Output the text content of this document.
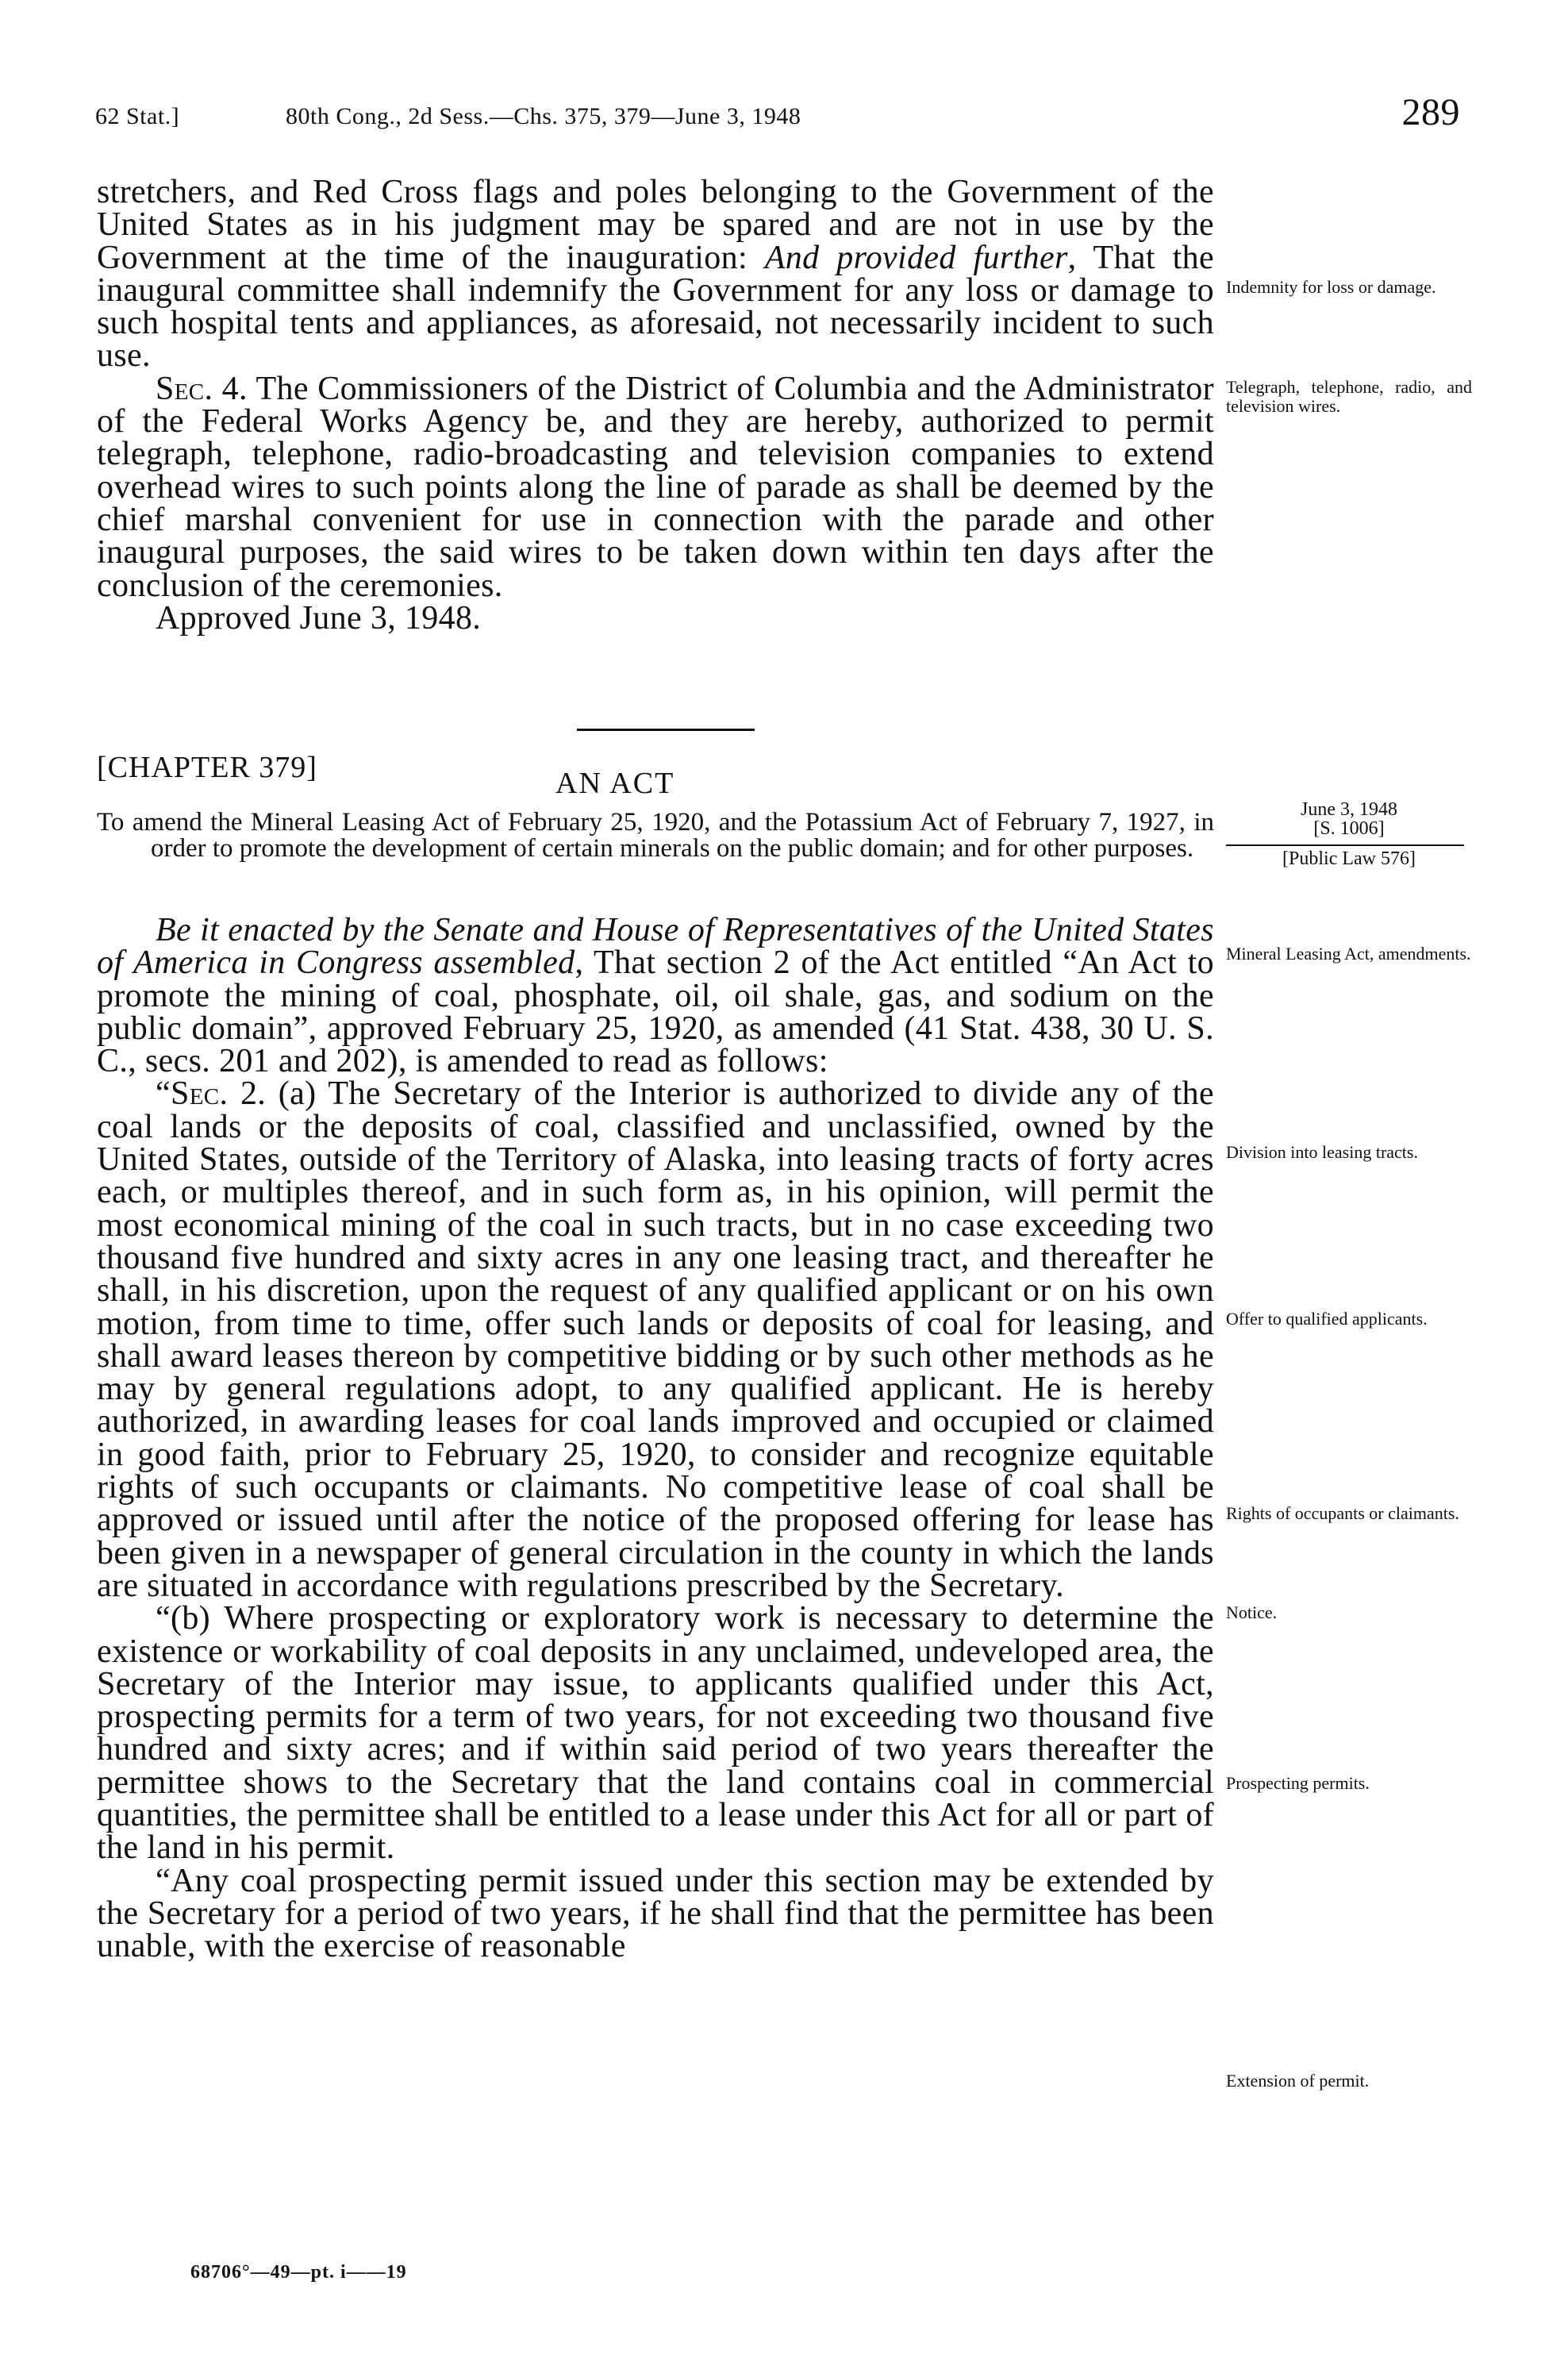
62 Stat.]	80th Cong., 2d Sess.—Chs. 375, 379—June 3, 1948	289

stretchers, and Red Cross flags and poles belonging to the Government of the United States as in his judgment may be spared and are not in use by the Government at the time of the inauguration: And provided further, That the inaugural committee shall indemnify the Government for any loss or damage to such hospital tents and appliances, as aforesaid, not necessarily incident to such use.

Sec. 4. The Commissioners of the District of Columbia and the Administrator of the Federal Works Agency be, and they are hereby, authorized to permit telegraph, telephone, radio-broadcasting and television companies to extend overhead wires to such points along the line of parade as shall be deemed by the chief marshal convenient for use in connection with the parade and other inaugural purposes, the said wires to be taken down within ten days after the conclusion of the ceremonies.

Approved June 3, 1948.

Indemnity for loss or damage.
Telegraph, telephone, radio, and television wires.
[CHAPTER 379]	AN ACT

To amend the Mineral Leasing Act of February 25, 1920, and the Potassium Act of February 7, 1927, in order to promote the development of certain minerals on the public domain; and for other purposes.

June 3, 1948
[S. 1006]
[Public Law 576]

Be it enacted by the Senate and House of Representatives of the United States of America in Congress assembled, That section 2 of the Act entitled “An Act to promote the mining of coal, phosphate, oil, oil shale, gas, and sodium on the public domain”, approved February 25, 1920, as amended (41 Stat. 438, 30 U. S. C., secs. 201 and 202), is amended to read as follows:

“Sec. 2. (a) The Secretary of the Interior is authorized to divide any of the coal lands or the deposits of coal, classified and unclassified, owned by the United States, outside of the Territory of Alaska, into leasing tracts of forty acres each, or multiples thereof, and in such form as, in his opinion, will permit the most economical mining of the coal in such tracts, but in no case exceeding two thousand five hundred and sixty acres in any one leasing tract, and thereafter he shall, in his discretion, upon the request of any qualified applicant or on his own motion, from time to time, offer such lands or deposits of coal for leasing, and shall award leases thereon by competitive bidding or by such other methods as he may by general regulations adopt, to any qualified applicant. He is hereby authorized, in awarding leases for coal lands improved and occupied or claimed in good faith, prior to February 25, 1920, to consider and recognize equitable rights of such occupants or claimants. No competitive lease of coal shall be approved or issued until after the notice of the proposed offering for lease has been given in a newspaper of general circulation in the county in which the lands are situated in accordance with regulations prescribed by the Secretary.

“(b) Where prospecting or exploratory work is necessary to determine the existence or workability of coal deposits in any unclaimed, undeveloped area, the Secretary of the Interior may issue, to applicants qualified under this Act, prospecting permits for a term of two years, for not exceeding two thousand five hundred and sixty acres; and if within said period of two years thereafter the permittee shows to the Secretary that the land contains coal in commercial quantities, the permittee shall be entitled to a lease under this Act for all or part of the land in his permit.

“Any coal prospecting permit issued under this section may be extended by the Secretary for a period of two years, if he shall find that the permittee has been unable, with the exercise of reasonable

Mineral Leasing Act, amendments.
Division into leasing tracts.
Offer to qualified applicants.
Rights of occupants or claimants.
Notice.
Prospecting permits.
Extension of permit.
68706°—49—pt. i——19
